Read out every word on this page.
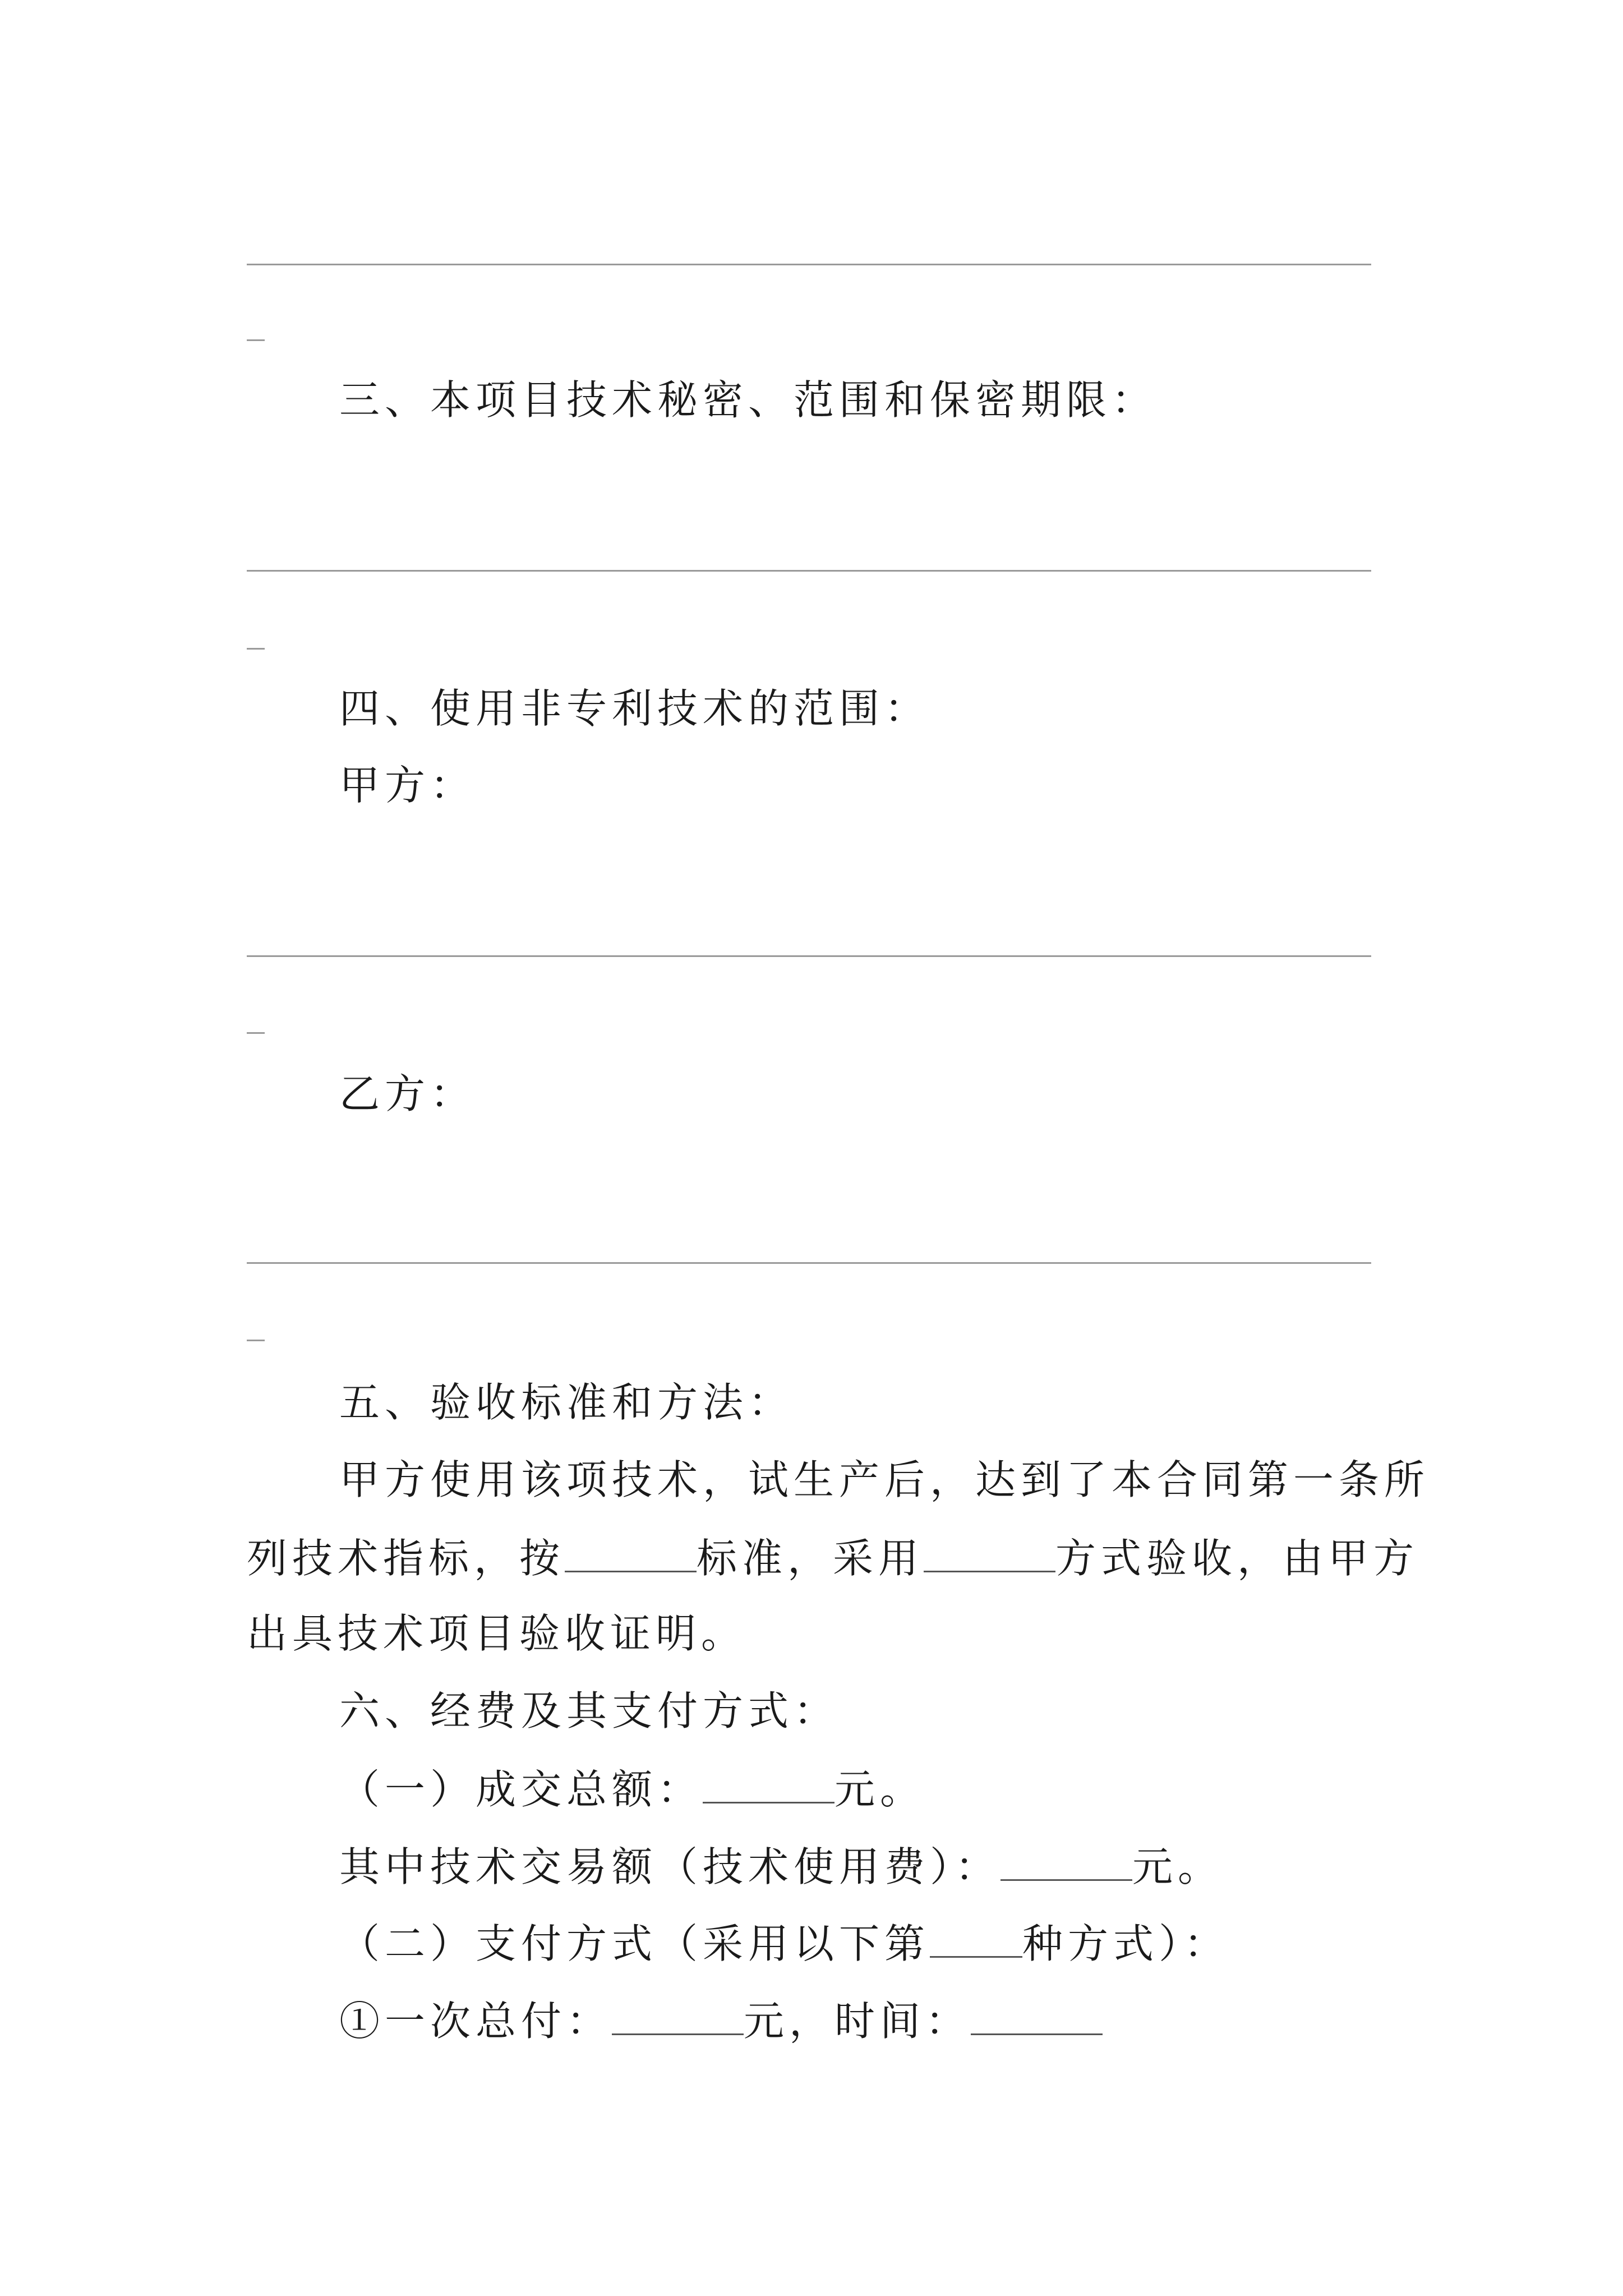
三、本项目技术秘密、范围和保密期限：
四、使用非专利技术的范围：
甲方：
乙方：
五、验收标准和方法：
甲方使用该项技术，试生产后，达到了本合同第一条所
列技术指标，按	标准，采用	方式验收，由甲方
出具技术项目验收证明。
六、经费及其支付方式：
（一）成交总额：	元。
其中技术交易额（技术使用费）：	元。
（二）支付方式（采用以下第 种方式）：
①一次总付：	元，时间：
